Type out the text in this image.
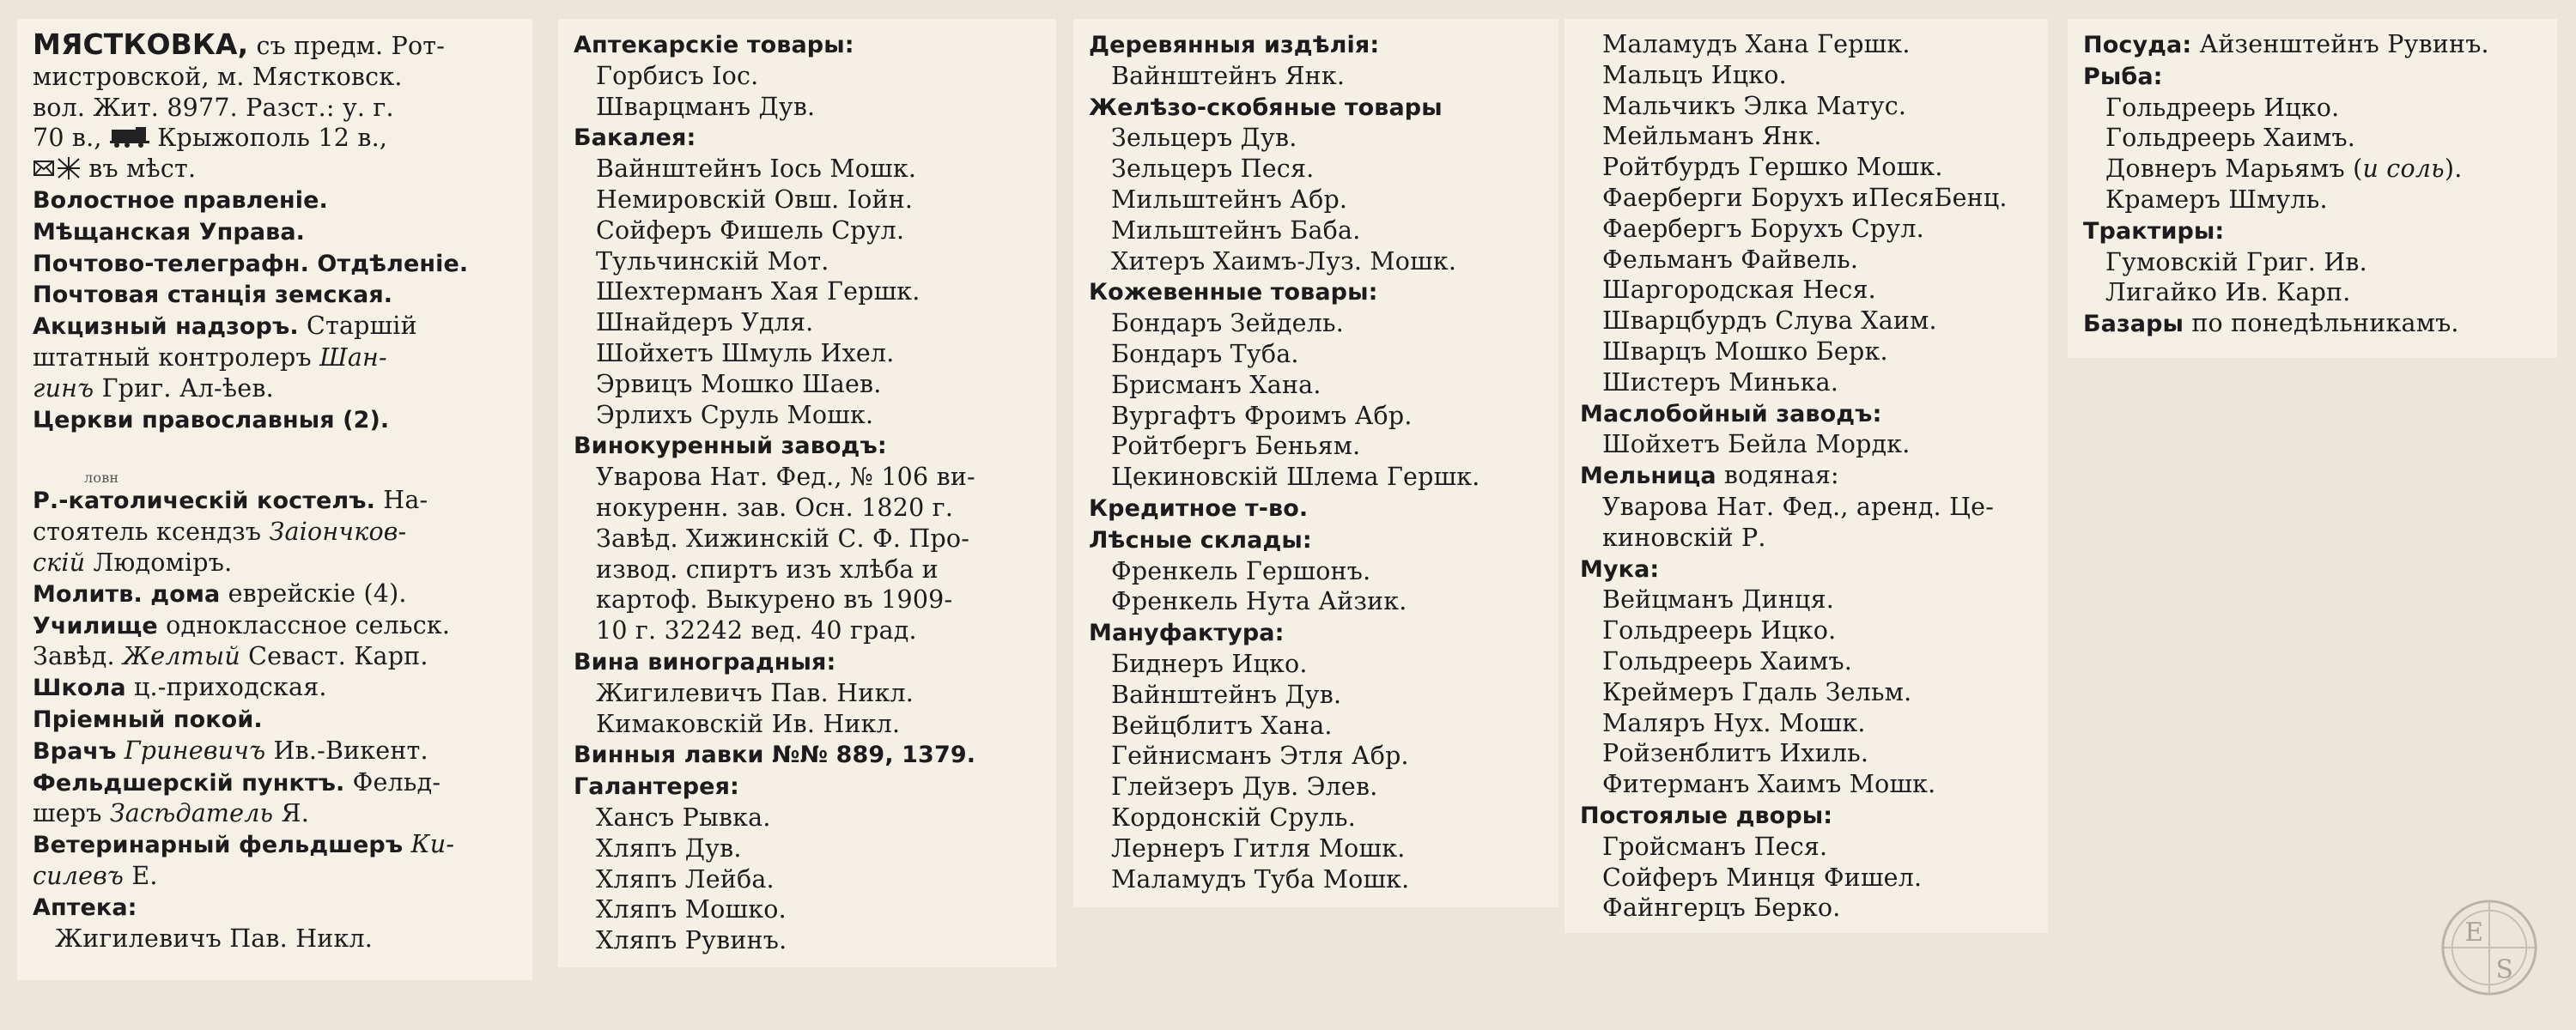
МЯСТКОВКА, съ предм. Рот-
мистровской, м. Мястковск.
вол. Жит. 8977. Разст.: у. г.
70 в.,  Крыжополь 12 в.,
въ мѣст.
Волостное правленіе.
Мѣщанская Управа.
Почтово-телеграфн. Отдѣленіе.
Почтовая станція земская.
Акцизный надзоръ. Старшій
штатный контролеръ Шан-
гинъ Григ. Ал-ѣев.
Церкви православныя (2).
ловн
Р.-католическій костелъ. На-
стоятель ксендзъ Заіончков-
скій Людоміръ.
Молитв. дома еврейскіе (4).
Училище одноклассное сельск.
Завѣд. Желтый Севаст. Карп.
Школа ц.-приходская.
Пріемный покой.
Врачъ Гриневичъ Ив.-Викент.
Фельдшерскій пунктъ. Фельд-
шеръ Засѣдатель Я.
Ветеринарный фельдшеръ Ки-
силевъ Е.
Аптека:
Жигилевичъ Пав. Никл.
Аптекарскіе товары:
Горбисъ Іос.
Шварцманъ Дув.
Бакалея:
Вайнштейнъ Іось Мошк.
Немировскій Овш. Іойн.
Сойферъ Фишель Срул.
Тульчинскій Мот.
Шехтерманъ Хая Гершк.
Шнайдеръ Удля.
Шойхетъ Шмуль Ихел.
Эрвицъ Мошко Шаев.
Эрлихъ Сруль Мошк.
Винокуренный заводъ:
Уварова Нат. Фед., № 106 ви-
нокуренн. зав. Осн. 1820 г.
Завѣд. Хижинскій С. Ф. Про-
извод. спиртъ изъ хлѣба и
картоф. Выкурено въ 1909-
10 г. 32242 вед. 40 град.
Вина виноградныя:
Жигилевичъ Пав. Никл.
Кимаковскій Ив. Никл.
Винныя лавки №№ 889, 1379.
Галантерея:
Хансъ Рывка.
Хляпъ Дув.
Хляпъ Лейба.
Хляпъ Мошко.
Хляпъ Рувинъ.
Деревянныя издѣлія:
Вайнштейнъ Янк.
Желѣзо-скобяные товары
Зельцеръ Дув.
Зельцеръ Песя.
Мильштейнъ Абр.
Мильштейнъ Баба.
Хитеръ Хаимъ-Луз. Мошк.
Кожевенные товары:
Бондаръ Зейдель.
Бондаръ Туба.
Брисманъ Хана.
Вургафтъ Фроимъ Абр.
Ройтбергъ Беньям.
Цекиновскій Шлема Гершк.
Кредитное т-во.
Лѣсные склады:
Френкель Гершонъ.
Френкель Нута Айзик.
Мануфактура:
Биднеръ Ицко.
Вайнштейнъ Дув.
Вейцблитъ Хана.
Гейнисманъ Этля Абр.
Глейзеръ Дув. Элев.
Кордонскій Сруль.
Лернеръ Гитля Мошк.
Маламудъ Туба Мошк.
Маламудъ Хана Гершк.
Мальцъ Ицко.
Мальчикъ Элка Матус.
Мейльманъ Янк.
Ройтбурдъ Гершко Мошк.
Фаерберги Борухъ иПесяБенц.
Фаербергъ Борухъ Срул.
Фельманъ Файвель.
Шаргородская Неся.
Шварцбурдъ Слува Хаим.
Шварцъ Мошко Берк.
Шистеръ Минька.
Маслобойный заводъ:
Шойхетъ Бейла Мордк.
Мельница водяная:
Уварова Нат. Фед., аренд. Це-
киновскій Р.
Мука:
Вейцманъ Динця.
Гольдреерь Ицко.
Гольдреерь Хаимъ.
Креймеръ Гдаль Зельм.
Маляръ Нух. Мошк.
Ройзенблитъ Ихиль.
Фитерманъ Хаимъ Мошк.
Постоялые дворы:
Гройсманъ Песя.
Сойферъ Минця Фишел.
Файнгерцъ Берко.
Посуда: Айзенштейнъ Рувинъ.
Рыба:
Гольдреерь Ицко.
Гольдреерь Хаимъ.
Довнеръ Марьямъ (и соль).
Крамеръ Шмуль.
Трактиры:
Гумовскій Григ. Ив.
Лигайко Ив. Карп.
Базары по понедѣльникамъ.
E
S
